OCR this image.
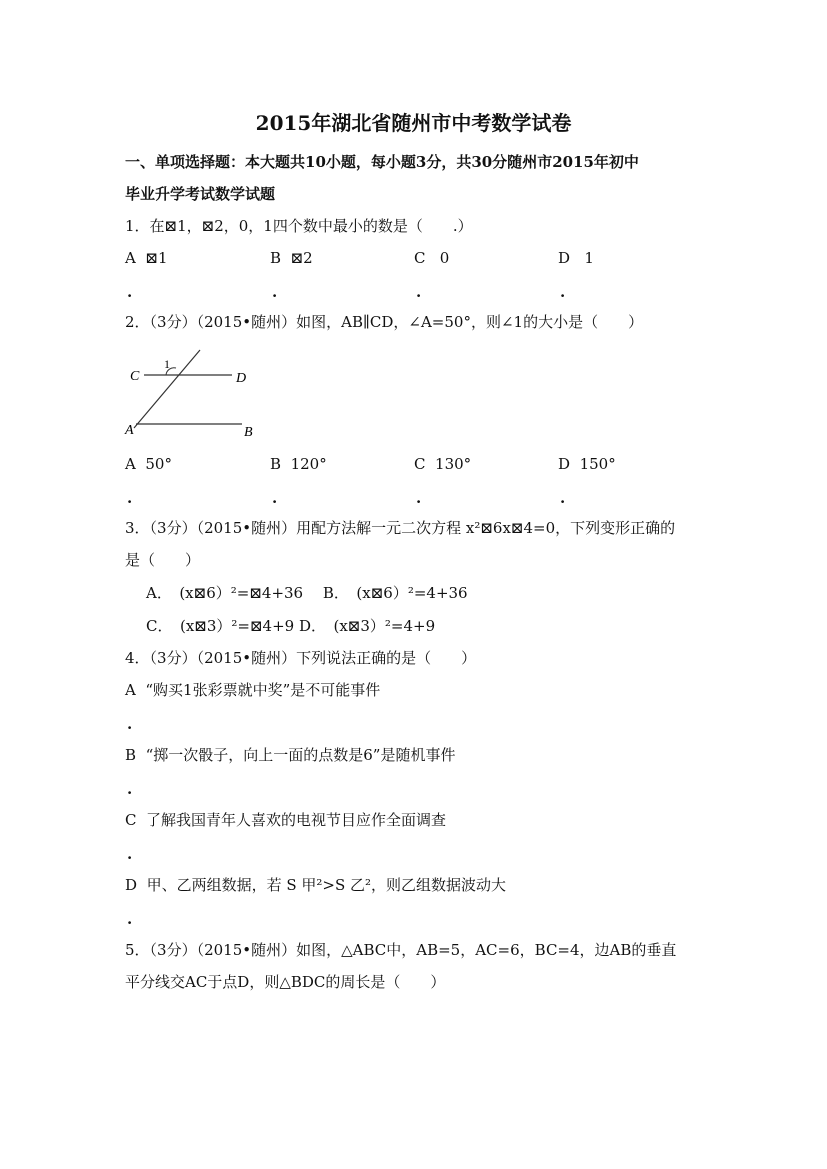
2015年湖北省随州市中考数学试卷
一、单项选择题：本大题共10小题，每小题3分，共30分随州市2015年初中
毕业升学考试数学试题
1．在⊠1，⊠2，0，1四个数中最小的数是（　　.）
A ⊠1	B ⊠2	C 0	D 1
.	.	.	.
2．（3分）（2015•随州）如图，AB∥CD，∠A=50°，则∠1的大小是（　　）
C	D
A	B
1
A 50°	B 120°	C 130°	D 150°
.	.	.	.
3．（3分）（2015•随州）用配方法解一元二次方程 x²⊠6x⊠4=0，下列变形正确的
是（　　）
A．　(x⊠6）²=⊠4+36　 B．　(x⊠6）²=4+36
C．　(x⊠3）²=⊠4+9 D．　(x⊠3）²=4+9
4．（3分）（2015•随州）下列说法正确的是（　　）
A “购买1张彩票就中奖”是不可能事件
.
B “掷一次骰子，向上一面的点数是6”是随机事件
.
C 了解我国青年人喜欢的电视节目应作全面调查
.
D 甲、乙两组数据，若 S 甲²>S 乙²，则乙组数据波动大
.
5．（3分）（2015•随州）如图，△ABC中，AB=5，AC=6，BC=4，边AB的垂直
平分线交AC于点D，则△BDC的周长是（　　）
